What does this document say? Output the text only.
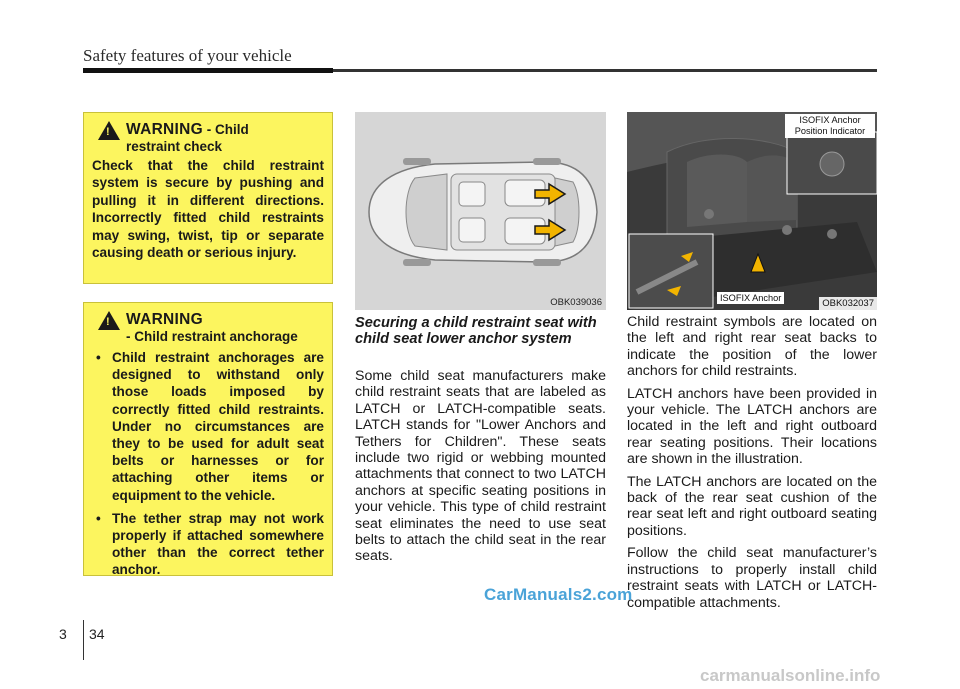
Safety features of your vehicle
!
WARNING - Child
restraint check

Check that the child restraint system is secure by pushing and pulling it in different directions. Incorrectly fitted child restraints may swing, twist, tip or separate causing death or serious injury.

!
WARNING
- Child restraint anchorage
• Child restraint anchorages are designed to withstand only those loads imposed by correctly fitted child restraints. Under no circumstances are they to be used for adult seat belts or harnesses or for attaching other items or equipment to the vehicle.
• The tether strap may not work properly if attached somewhere other than the correct tether anchor.
OBK039036
ISOFIX Anchor
Position Indicator
ISOFIX Anchor	OBK032037
Securing a child restraint seat with child seat lower anchor system

Some child seat manufacturers make child restraint seats that are labeled as LATCH or LATCH-compatible seats. LATCH stands for "Lower Anchors and Tethers for Children". These seats include two rigid or webbing mounted attachments that connect to two LATCH anchors at specific seating positions in your vehicle. This type of child restraint seat eliminates the need to use seat belts to attach the child seat in the rear seats.

Child restraint symbols are located on the left and right rear seat backs to indicate the position of the lower anchors for child restraints.

LATCH anchors have been provided in your vehicle. The LATCH anchors are located in the left and right outboard rear seating positions. Their locations are shown in the illustration.

The LATCH anchors are located on the back of the rear seat cushion of the rear seat left and right outboard seating positions.

Follow the child seat manufacturer’s instructions to properly install child restraint seats with LATCH or LATCH-compatible attachments.

CarManuals2.com
carmanualsonline.info
3 34
